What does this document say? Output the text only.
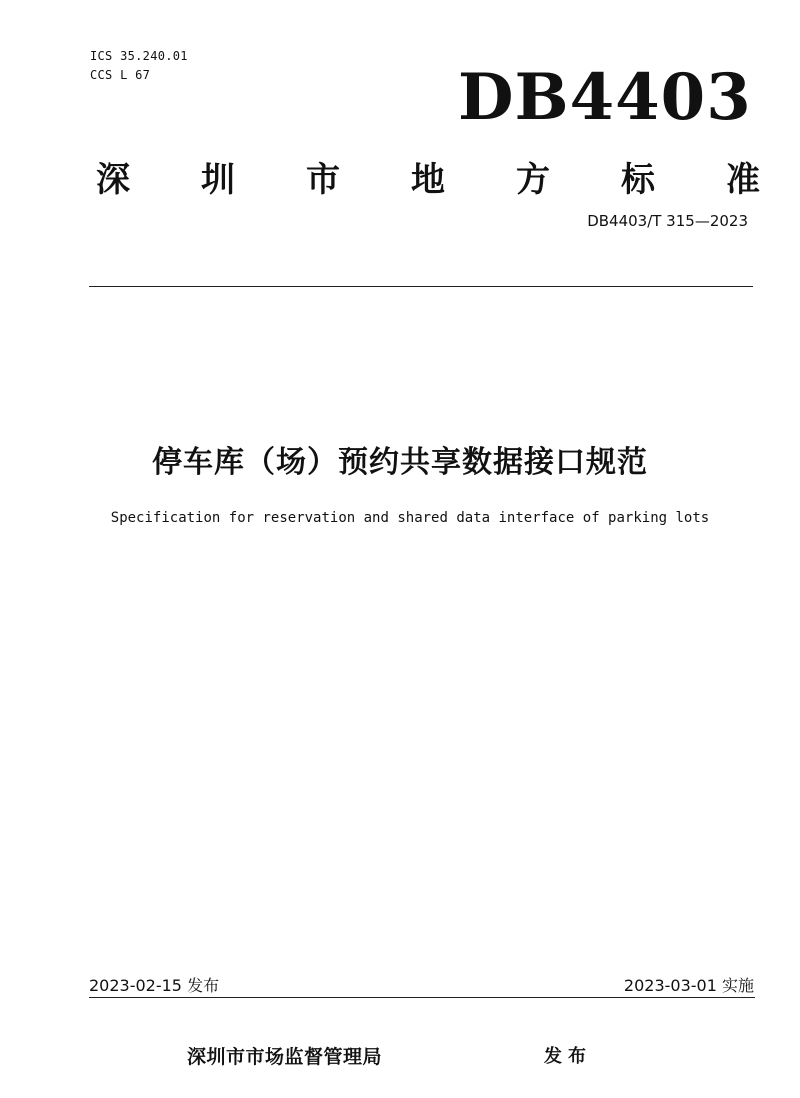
ICS 35.240.01
CCS L 67	DB4403
深 圳 市 地 方 标 准
DB4403/T 315—2023
停车库（场）预约共享数据接口规范
Specification for reservation and shared data interface of parking lots
2023-02-15 发布	2023-03-01 实施
深圳市市场监督管理局	发布
